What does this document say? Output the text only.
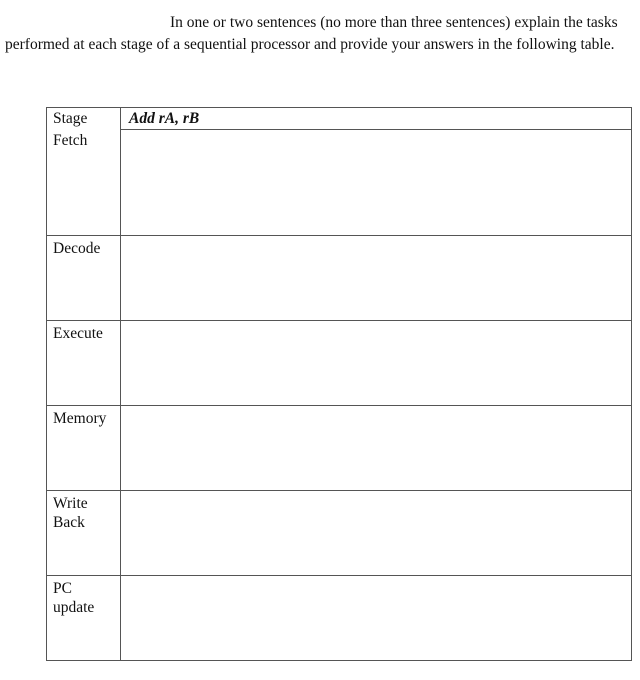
In one or two sentences (no more than three sentences) explain the tasks
performed at each stage of a sequential processor and provide your answers in the following table.
Stage	Add rA, rB
Fetch	
Decode	
Execute	
Memory	
Write Back	
PC update	
